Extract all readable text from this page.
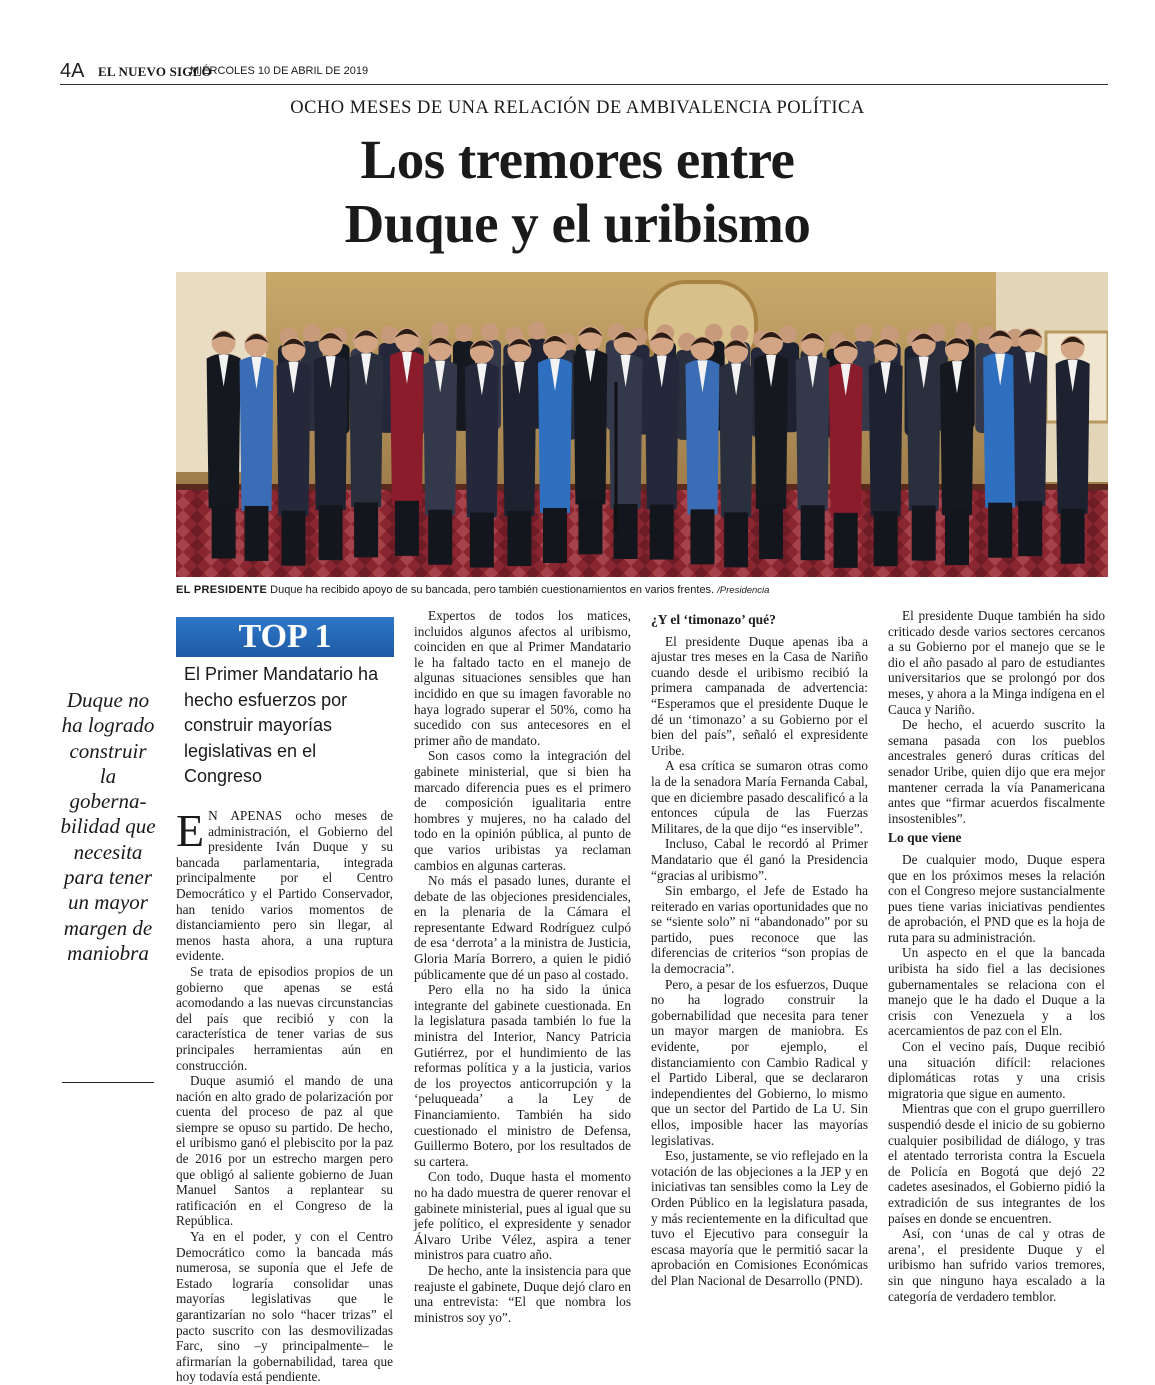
4A EL NUEVO SIGLO
MIÉRCOLES 10 DE ABRIL DE 2019
OCHO MESES DE UNA RELACIÓN DE AMBIVALENCIA POLÍTICA
Los tremores entre
Duque y el uribismo
EL PRESIDENTE Duque ha recibido apoyo de su bancada, pero también cuestionamientos en varios frentes. /Presidencia
TOP 1
El Primer Mandatario ha hecho esfuerzos por construir mayorías legislativas en el Congreso
Duque no ha logrado construir la goberna-bilidad que necesita para tener un mayor margen de maniobra

E N APENAS ocho meses de administración, el Gobierno del presidente Iván Duque y su bancada parlamentaria, integrada principalmente por el Centro Democrático y el Partido Conservador, han tenido varios momentos de distanciamiento pero sin llegar, al menos hasta ahora, a una ruptura evidente.

Se trata de episodios propios de un gobierno que apenas se está acomodando a las nuevas circunstancias del país que recibió y con la característica de tener varias de sus principales herramientas aún en construcción.

Duque asumió el mando de una nación en alto grado de polarización por cuenta del proceso de paz al que siempre se opuso su partido. De hecho, el uribismo ganó el plebiscito por la paz de 2016 por un estrecho margen pero que obligó al saliente gobierno de Juan Manuel Santos a replantear su ratificación en el Congreso de la República.

Ya en el poder, y con el Centro Democrático como la bancada más numerosa, se suponía que el Jefe de Estado lograría consolidar unas mayorías legislativas que le garantizarían no solo “hacer trizas” el pacto suscrito con las desmovilizadas Farc, sino –y principalmente– le afirmarían la gobernabilidad, tarea que hoy todavía está pendiente.

Expertos de todos los matices, incluidos algunos afectos al uribismo, coinciden en que al Primer Mandatario le ha faltado tacto en el manejo de algunas situaciones sensibles que han incidido en que su imagen favorable no haya logrado superar el 50%, como ha sucedido con sus antecesores en el primer año de mandato.

Son casos como la integración del gabinete ministerial, que si bien ha marcado diferencia pues es el primero de composición igualitaria entre hombres y mujeres, no ha calado del todo en la opinión pública, al punto de que varios uribistas ya reclaman cambios en algunas carteras.

No más el pasado lunes, durante el debate de las objeciones presidenciales, en la plenaria de la Cámara el representante Edward Rodríguez culpó de esa ‘derrota’ a la ministra de Justicia, Gloria María Borrero, a quien le pidió públicamente que dé un paso al costado.

Pero ella no ha sido la única integrante del gabinete cuestionada. En la legislatura pasada también lo fue la ministra del Interior, Nancy Patricia Gutiérrez, por el hundimiento de las reformas política y a la justicia, varios de los proyectos anticorrupción y la ‘peluqueada’ a la Ley de Financiamiento. También ha sido cuestionado el ministro de Defensa, Guillermo Botero, por los resultados de su cartera.

Con todo, Duque hasta el momento no ha dado muestra de querer renovar el gabinete ministerial, pues al igual que su jefe político, el expresidente y senador Álvaro Uribe Vélez, aspira a tener ministros para cuatro año.

De hecho, ante la insistencia para que reajuste el gabinete, Duque dejó claro en una entrevista: “El que nombra los ministros soy yo”.

¿Y el ‘timonazo’ qué?

El presidente Duque apenas iba a ajustar tres meses en la Casa de Nariño cuando desde el uribismo recibió la primera campanada de advertencia: “Esperamos que el presidente Duque le dé un ‘timonazo’ a su Gobierno por el bien del país”, señaló el expresidente Uribe.

A esa crítica se sumaron otras como la de la senadora María Fernanda Cabal, que en diciembre pasado descalificó a la entonces cúpula de las Fuerzas Militares, de la que dijo “es inservible”.

Incluso, Cabal le recordó al Primer Mandatario que él ganó la Presidencia “gracias al uribismo”.

Sin embargo, el Jefe de Estado ha reiterado en varias oportunidades que no se “siente solo” ni “abandonado” por su partido, pues reconoce que las diferencias de criterios “son propias de la democracia”.

Pero, a pesar de los esfuerzos, Duque no ha logrado construir la gobernabilidad que necesita para tener un mayor margen de maniobra. Es evidente, por ejemplo, el distanciamiento con Cambio Radical y el Partido Liberal, que se declararon independientes del Gobierno, lo mismo que un sector del Partido de La U. Sin ellos, imposible hacer las mayorías legislativas.

Eso, justamente, se vio reflejado en la votación de las objeciones a la JEP y en iniciativas tan sensibles como la Ley de Orden Público en la legislatura pasada, y más recientemente en la dificultad que tuvo el Ejecutivo para conseguir la escasa mayoría que le permitió sacar la aprobación en Comisiones Económicas del Plan Nacional de Desarrollo (PND).

El presidente Duque también ha sido criticado desde varios sectores cercanos a su Gobierno por el manejo que se le dio el año pasado al paro de estudiantes universitarios que se prolongó por dos meses, y ahora a la Minga indígena en el Cauca y Nariño.

De hecho, el acuerdo suscrito la semana pasada con los pueblos ancestrales generó duras críticas del senador Uribe, quien dijo que era mejor mantener cerrada la vía Panamericana antes que “firmar acuerdos fiscalmente insostenibles”.

Lo que viene

De cualquier modo, Duque espera que en los próximos meses la relación con el Congreso mejore sustancialmente pues tiene varias iniciativas pendientes de aprobación, el PND que es la hoja de ruta para su administración.

Un aspecto en el que la bancada uribista ha sido fiel a las decisiones gubernamentales se relaciona con el manejo que le ha dado el Duque a la crisis con Venezuela y a los acercamientos de paz con el Eln.

Con el vecino país, Duque recibió una situación difícil: relaciones diplomáticas rotas y una crisis migratoria que sigue en aumento.

Mientras que con el grupo guerrillero suspendió desde el inicio de su gobierno cualquier posibilidad de diálogo, y tras el atentado terrorista contra la Escuela de Policía en Bogotá que dejó 22 cadetes asesinados, el Gobierno pidió la extradición de sus integrantes de los países en donde se encuentren.

Así, con ‘unas de cal y otras de arena’, el presidente Duque y el uribismo han sufrido varios tremores, sin que ninguno haya escalado a la categoría de verdadero temblor.
